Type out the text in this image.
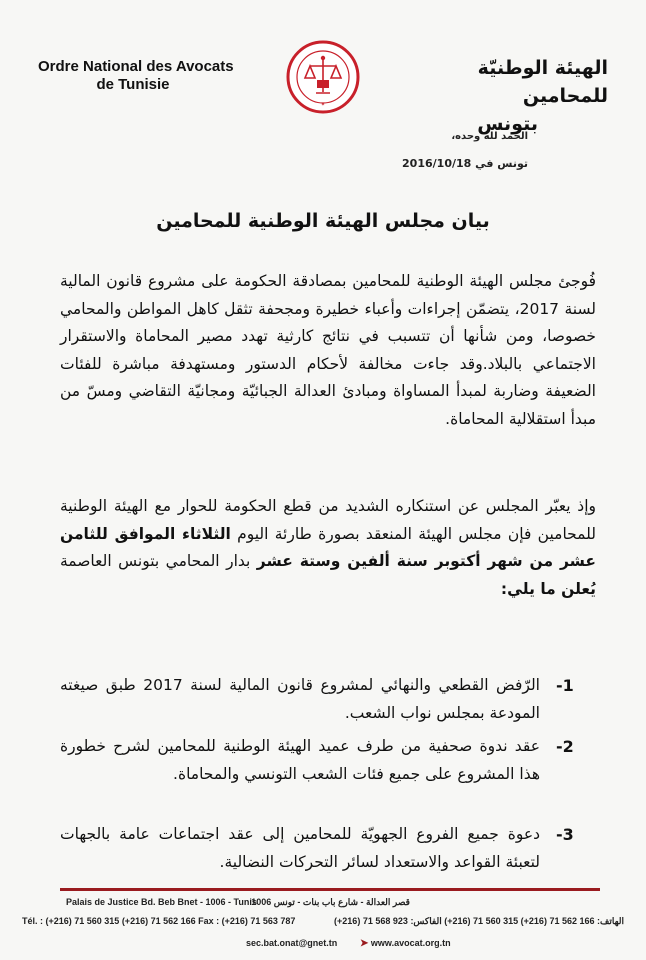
Ordre National des Avocats
de Tunisie
✶
الهيئة الوطنيّة للمحامين
بتونس
الحمد لله وحده،
تونس في 2016/10/18
بيان مجلس الهيئة الوطنية للمحامين
فُوجئ مجلس الهيئة الوطنية للمحامين بمصادقة الحكومة على مشروع قانون المالية لسنة 2017، يتضمّن إجراءات وأعباء خطيرة ومجحفة تثقل كاهل المواطن والمحامي خصوصا، ومن شأنها أن تتسبب في نتائج كارثية تهدد مصير المحاماة والاستقرار الاجتماعي بالبلاد.وقد جاءت مخالفة لأحكام الدستور ومستهدفة مباشرة للفئات الضعيفة وضاربة لمبدأ المساواة ومبادئ العدالة الجبائيّة ومجانيّة التقاضي ومسّ من مبدأ استقلالية المحاماة.
وإذ يعبّر المجلس عن استنكاره الشديد من قطع الحكومة للحوار مع الهيئة الوطنية للمحامين فإن مجلس الهيئة المنعقد بصورة طارئة اليوم الثلاثاء الموافق للثامن عشر من شهر أكتوبر سنة ألفين وستة عشر بدار المحامي بتونس العاصمة يُعلن ما يلي:
-1
الرّفض القطعي والنهائي لمشروع قانون المالية لسنة 2017 طبق صيغته المودعة بمجلس نواب الشعب.
-2
عقد ندوة صحفية من طرف عميد الهيئة الوطنية للمحامين لشرح خطورة هذا المشروع على جميع فئات الشعب التونسي والمحاماة.
-3
دعوة جميع الفروع الجهويّة للمحامين إلى عقد اجتماعات عامة بالجهات لتعبئة القواعد والاستعداد لسائر التحركات النضالية.
Palais de Justice Bd. Beb Bnet - 1006 - Tunis
قصر العدالة - شارع باب بنات - تونس 1006
Tél. : (+216) 71 560 315 (+216) 71 562 166 Fax : (+216) 71 563 787	الهاتف: 166 562 71 (216+) 315 560 71 (216+) الفاكس: 923 568 71 (216+)
sec.bat.onat@gnet.tn ➤ www.avocat.org.tn
